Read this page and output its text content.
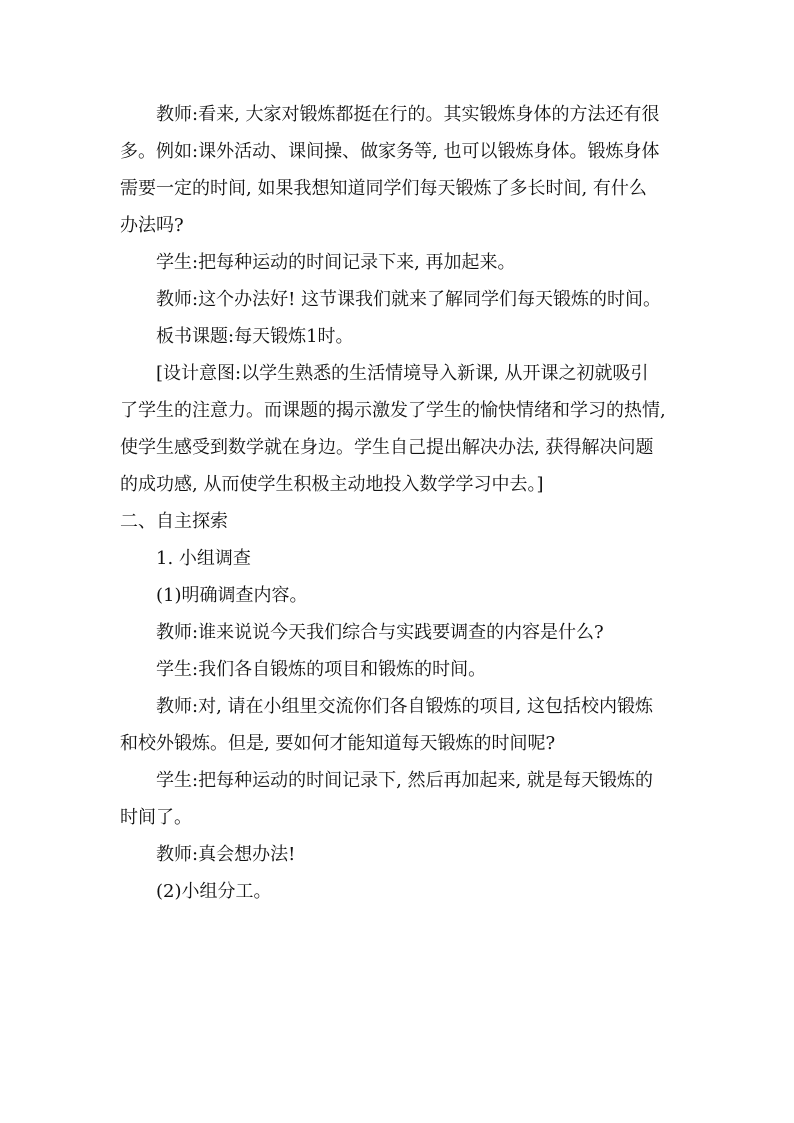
教师:看来, 大家对锻炼都挺在行的。其实锻炼身体的方法还有很

多。例如:课外活动、课间操、做家务等, 也可以锻炼身体。锻炼身体

需要一定的时间, 如果我想知道同学们每天锻炼了多长时间, 有什么

办法吗?

学生:把每种运动的时间记录下来, 再加起来。

教师:这个办法好! 这节课我们就来了解同学们每天锻炼的时间。

板书课题:每天锻炼1时。

[设计意图:以学生熟悉的生活情境导入新课, 从开课之初就吸引

了学生的注意力。而课题的揭示激发了学生的愉快情绪和学习的热情,

使学生感受到数学就在身边。学生自己提出解决办法, 获得解决问题

的成功感, 从而使学生积极主动地投入数学学习中去。]

二、自主探索

1. 小组调查

(1)明确调查内容。

教师:谁来说说今天我们综合与实践要调查的内容是什么?

学生:我们各自锻炼的项目和锻炼的时间。

教师:对, 请在小组里交流你们各自锻炼的项目, 这包括校内锻炼

和校外锻炼。但是, 要如何才能知道每天锻炼的时间呢?

学生:把每种运动的时间记录下, 然后再加起来, 就是每天锻炼的

时间了。

教师:真会想办法!

(2)小组分工。
